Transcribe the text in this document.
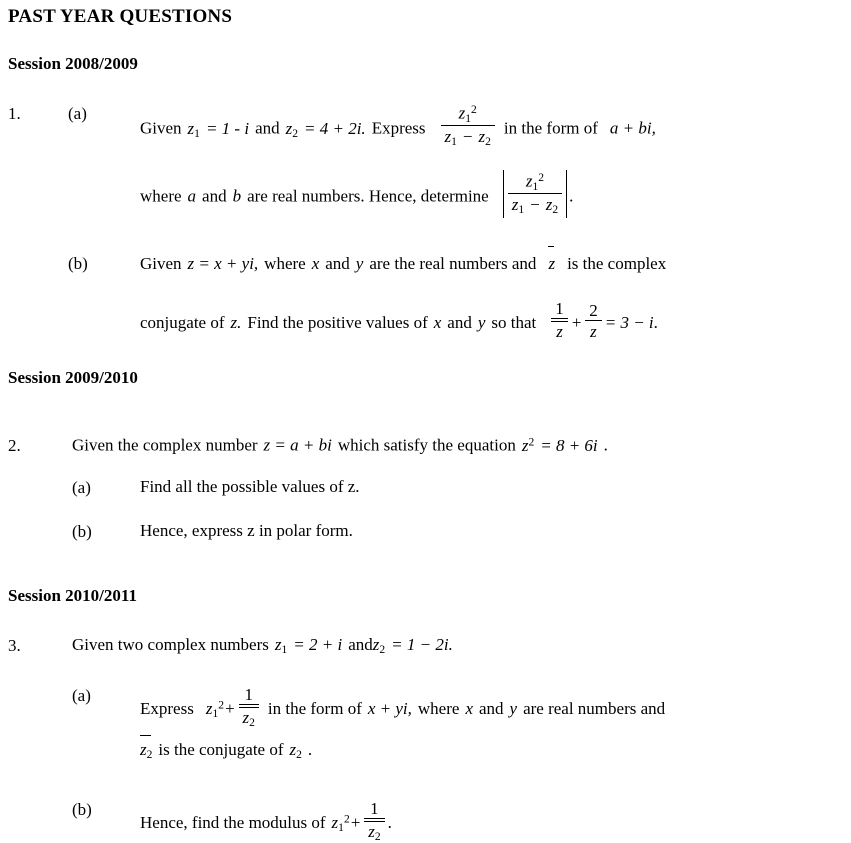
PAST YEAR QUESTIONS
Session 2008/2009
1.	(a)
Given $z_1 = 1 - i$ and $z_2 = 4 + 2i$. Express $\frac{z_1^2}{z_1 - z_2}$ in the form of a + bi,
where a and b are real numbers. Hence, determine $\frac{z_1^2}{z_1 - z_2}$ .
(b)	Given z = x + yi, where x and y are the real numbers and z is the complex
conjugate of z. Find the positive values of x and y so that $\frac{1}{z} + \frac{2}{z} = 3 - i$.
Session 2009/2010
2.	Given the complex number z = a + bi which satisfy the equation $z^2 = 8 + 6i$ .
(a)	Find all the possible values of z.
(b)	Hence, express z in polar form.
Session 2010/2011
3.	Given two complex numbers $z_1 = 2 + i$ andz$_2$ = 1 − 2i.
(a)
Express $z_1^2+ \frac{1}{z_2}$ in the form of x + yi, where x and y are real numbers and
$z_2$ is the conjugate of $z_2$ .
(b)
Hence, find the modulus of $z_1^2+ \frac{1}{z_2}$ .
